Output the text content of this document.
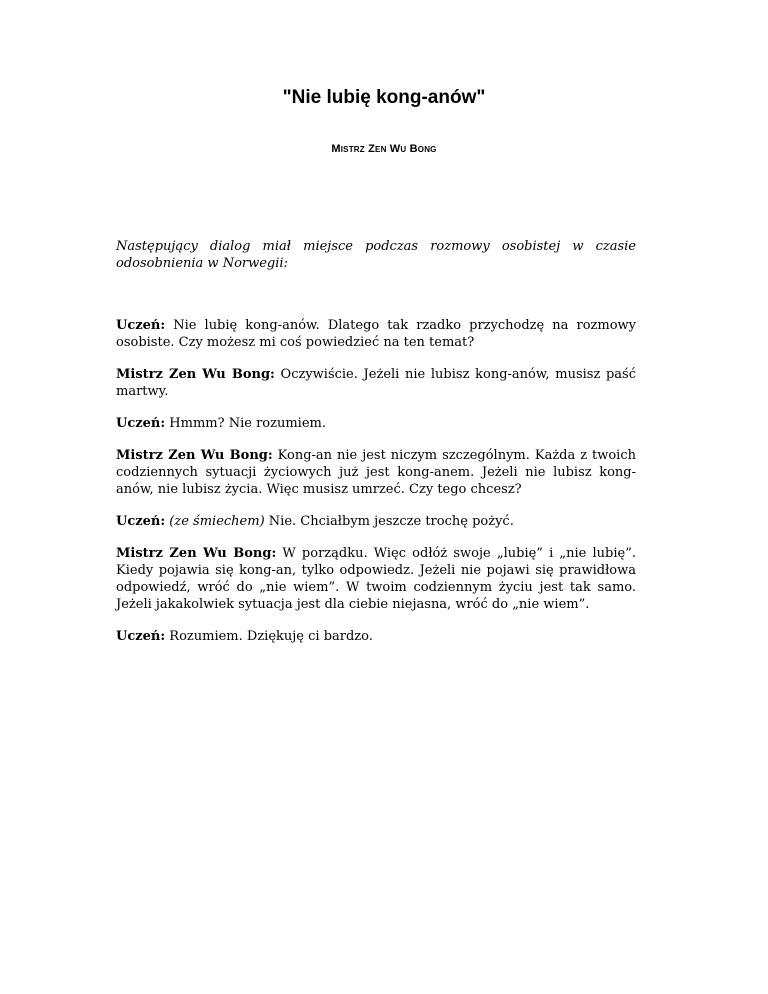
"Nie lubię kong-anów"

Mistrz Zen Wu Bong

Następujący dialog miał miejsce podczas rozmowy osobistej w czasie odosobnienia w Norwegii:

Uczeń: Nie lubię kong-anów. Dlatego tak rzadko przychodzę na rozmowy osobiste. Czy możesz mi coś powiedzieć na ten temat?

Mistrz Zen Wu Bong: Oczywiście. Jeżeli nie lubisz kong-anów, musisz paść martwy.

Uczeń: Hmmm? Nie rozumiem.

Mistrz Zen Wu Bong: Kong-an nie jest niczym szczególnym. Każda z twoich codziennych sytuacji życiowych już jest kong-anem. Jeżeli nie lubisz kong-anów, nie lubisz życia. Więc musisz umrzeć. Czy tego chcesz?

Uczeń: (ze śmiechem) Nie. Chciałbym jeszcze trochę pożyć.

Mistrz Zen Wu Bong: W porządku. Więc odłóż swoje „lubię” i „nie lubię”. Kiedy pojawia się kong-an, tylko odpowiedz. Jeżeli nie pojawi się prawidłowa odpowiedź, wróć do „nie wiem”. W twoim codziennym życiu jest tak samo. Jeżeli jakakolwiek sytuacja jest dla ciebie niejasna, wróć do „nie wiem”.

Uczeń: Rozumiem. Dziękuję ci bardzo.
